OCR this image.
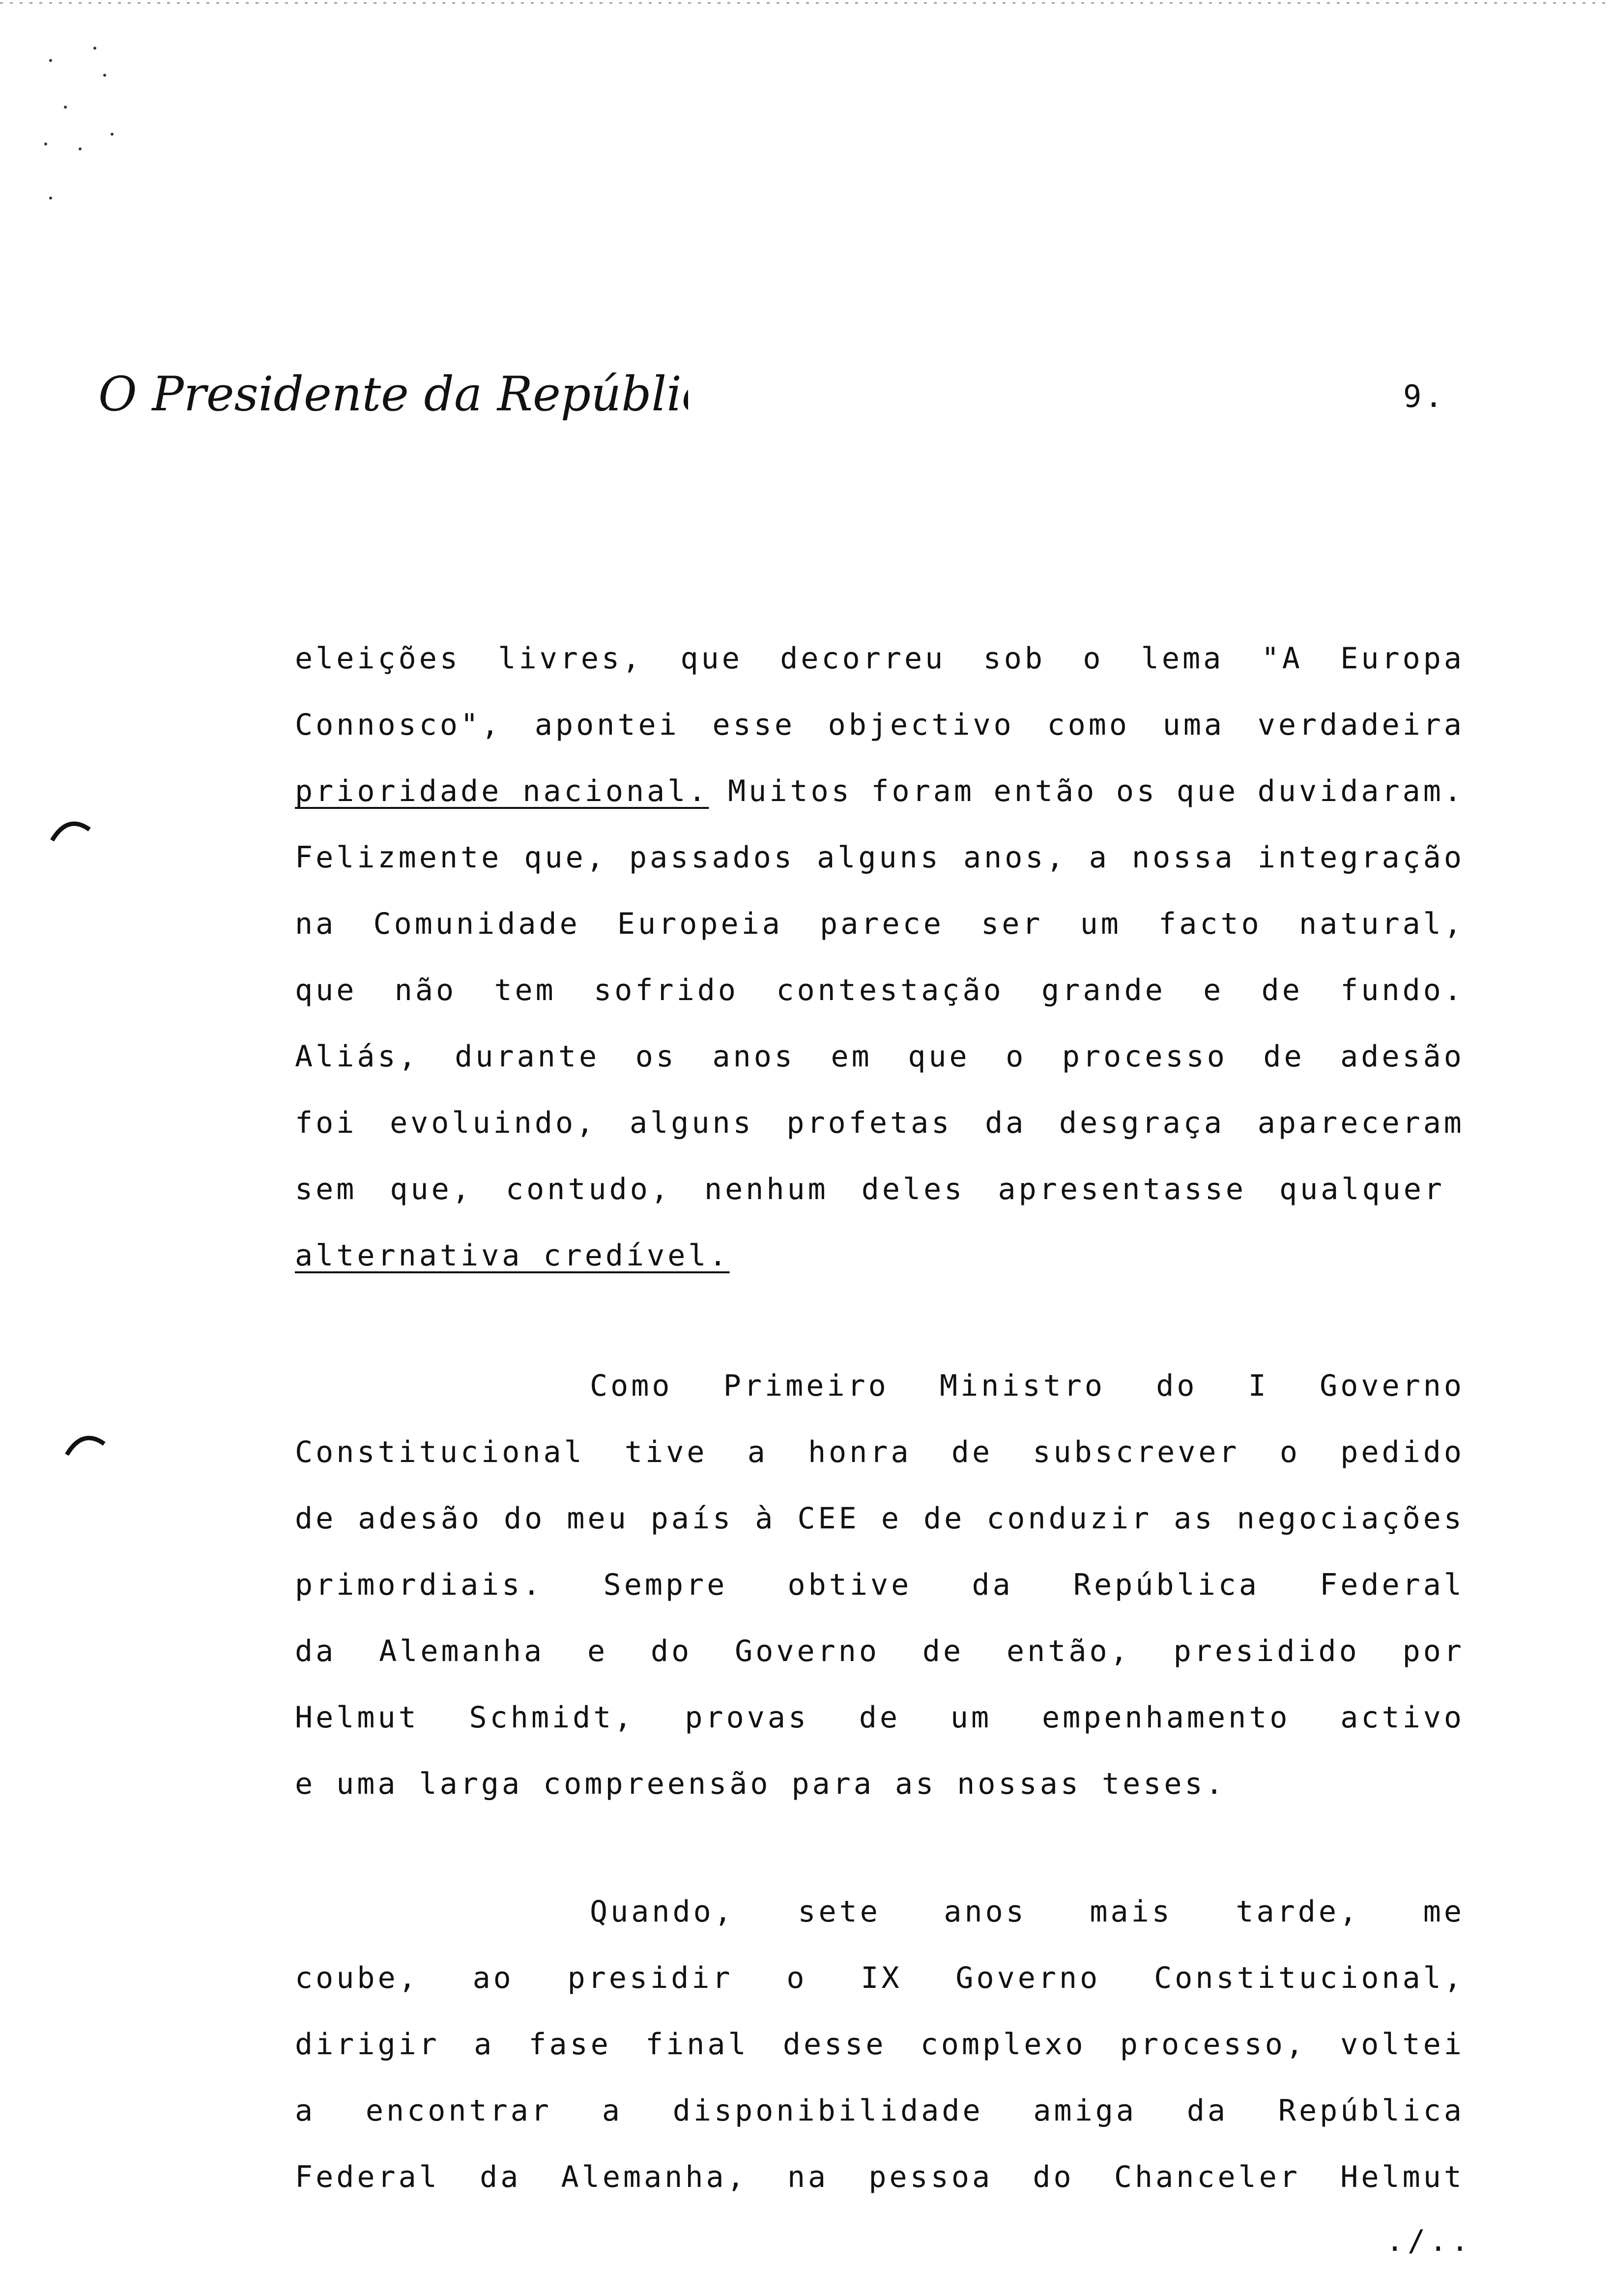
O Presidente da República	9.
eleições livres, que decorreu sob o lema "A Europa
Connosco", apontei esse objectivo como uma verdadeira
prioridade nacional. Muitos foram então os que duvidaram.
Felizmente que, passados alguns anos, a nossa integração
na Comunidade Europeia parece ser um facto natural,
que não tem sofrido contestação grande e de fundo.
Aliás, durante os anos em que o processo de adesão
foi evoluindo, alguns profetas da desgraça apareceram
sem que, contudo, nenhum deles apresentasse qualquer
alternativa credível.
Como Primeiro Ministro do I Governo
Constitucional tive a honra de subscrever o pedido
de adesão do meu país à CEE e de conduzir as negociações
primordiais. Sempre obtive da República Federal
da Alemanha e do Governo de então, presidido por
Helmut Schmidt, provas de um empenhamento activo
e uma larga compreensão para as nossas teses.
Quando, sete anos mais tarde, me
coube, ao presidir o IX Governo Constitucional,
dirigir a fase final desse complexo processo, voltei
a encontrar a disponibilidade amiga da República
Federal da Alemanha, na pessoa do Chanceler Helmut
./..
